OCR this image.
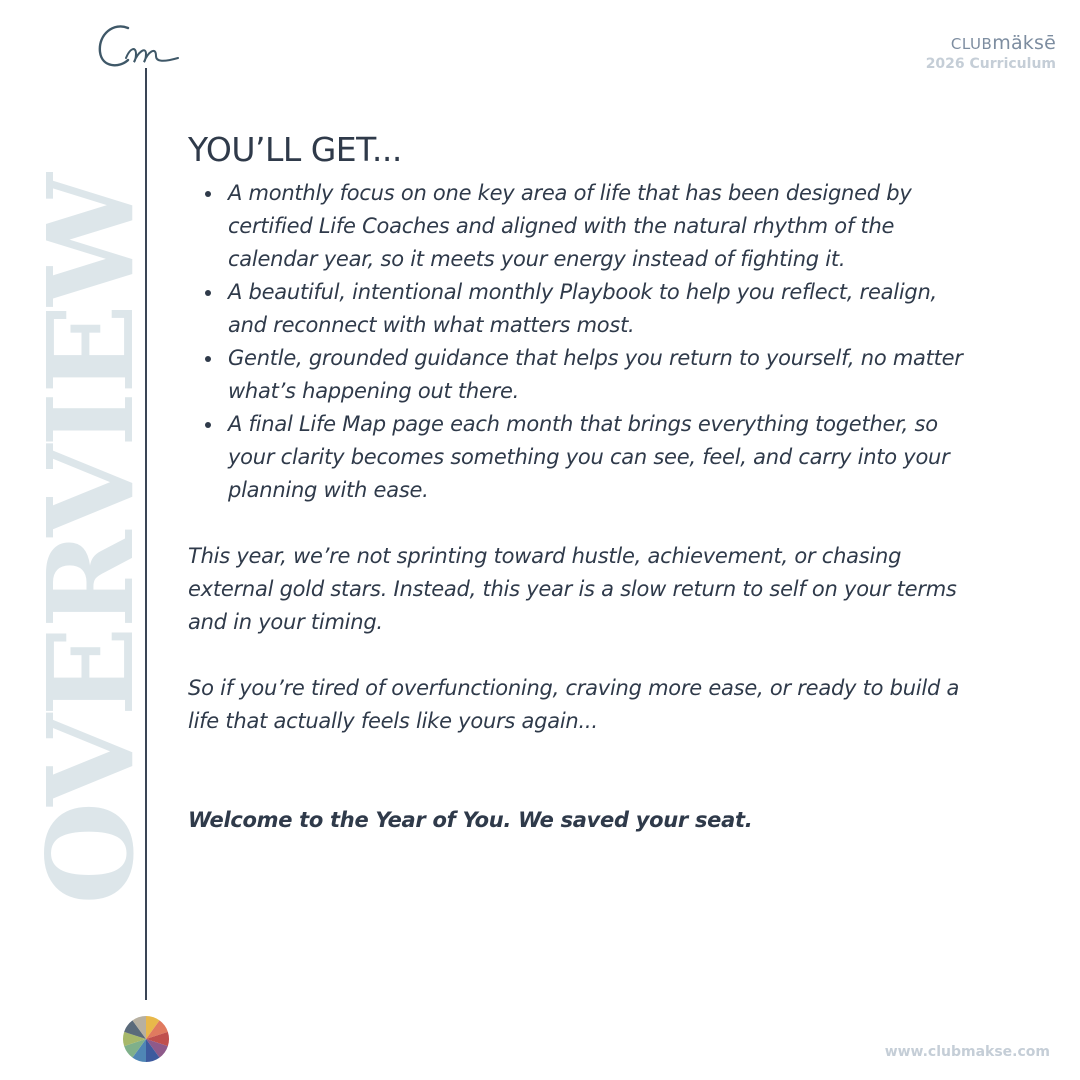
OVERVIEW
CLUBmäksē
2026 Curriculum
YOU’LL GET...
A monthly focus on one key area of life that has been designed by certified Life Coaches and aligned with the natural rhythm of the calendar year, so it meets your energy instead of fighting it.
A beautiful, intentional monthly Playbook to help you reflect, realign, and reconnect with what matters most.
Gentle, grounded guidance that helps you return to yourself, no matter what’s happening out there.
A final Life Map page each month that brings everything together, so your clarity becomes something you can see, feel, and carry into your planning with ease.

This year, we’re not sprinting toward hustle, achievement, or chasing external gold stars. Instead, this year is a slow return to self on your terms and in your timing.

So if you’re tired of overfunctioning, craving more ease, or ready to build a life that actually feels like yours again...

Welcome to the Year of You. We saved your seat.

www.clubmakse.com
